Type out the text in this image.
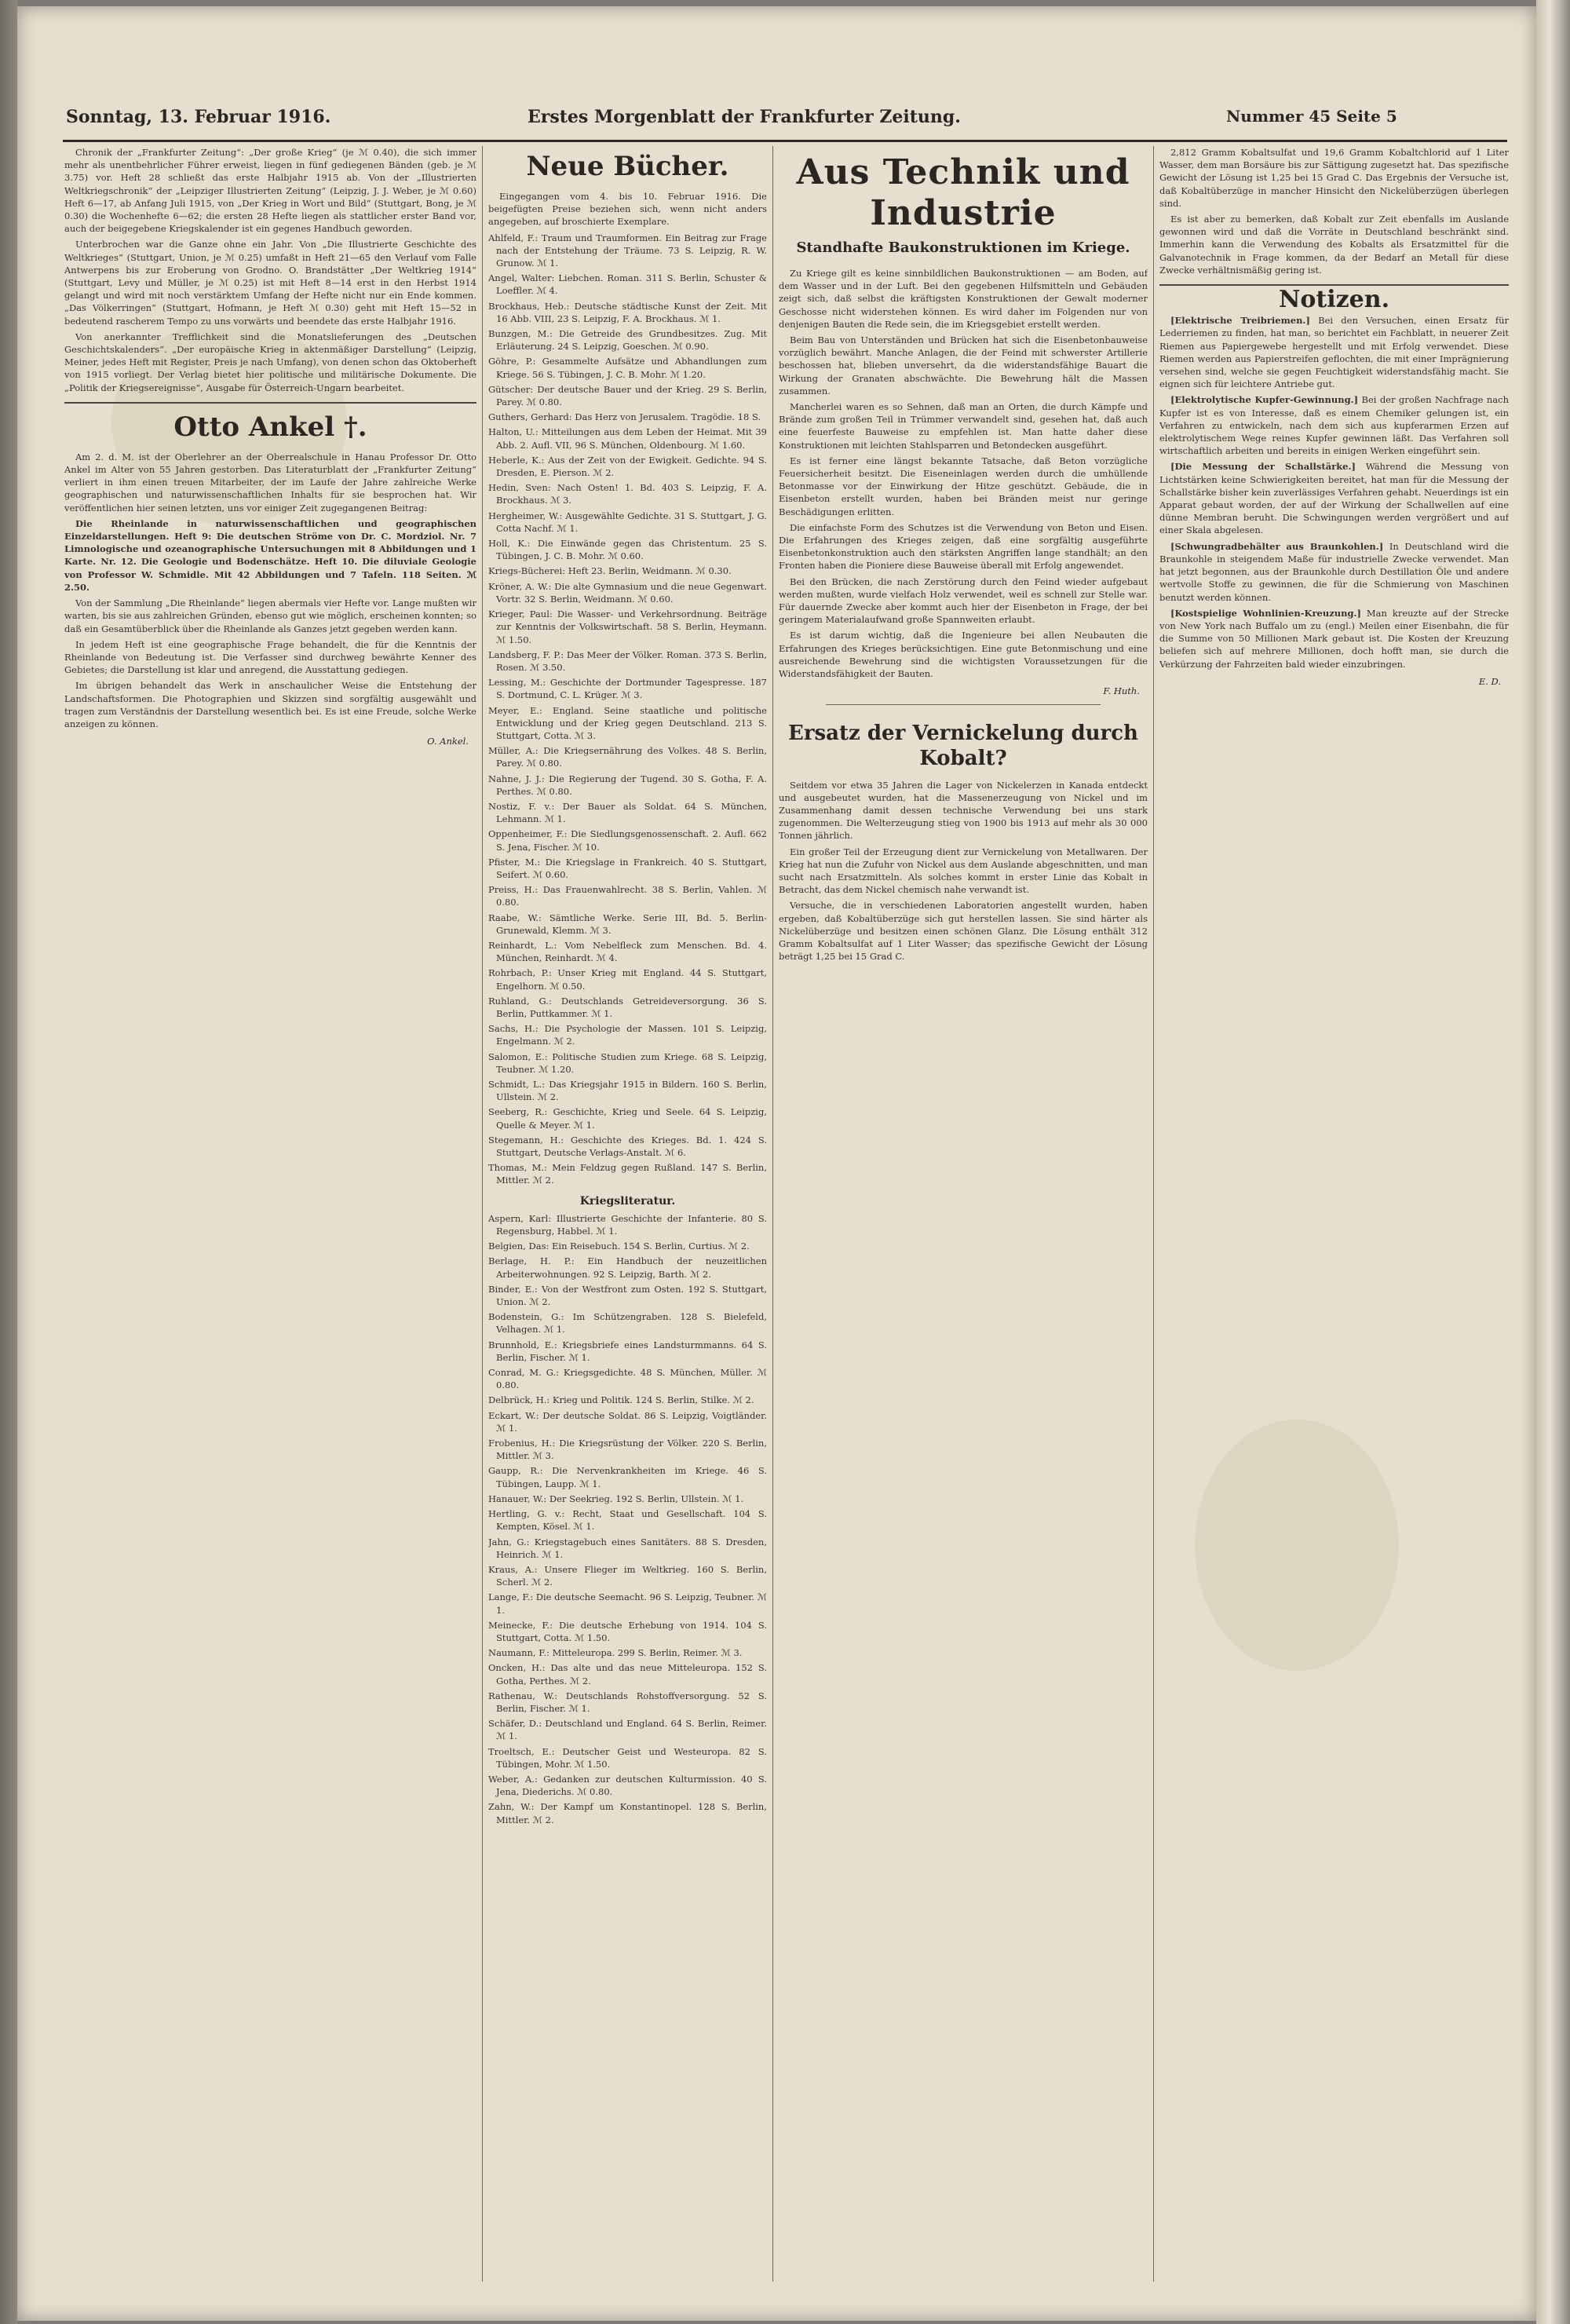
Sonntag, 13. Februar 1916.	Erstes Morgenblatt der Frankfurter Zeitung.	Nummer 45 Seite 5

Chronik der „Frankfurter Zeitung“: „Der große Krieg“ (je ℳ 0.40), die sich immer mehr als unentbehrlicher Führer erweist, liegen in fünf gediegenen Bänden (geb. je ℳ 3.75) vor. Heft 28 schließt das erste Halbjahr 1915 ab. Von der „Illustrierten Weltkriegschronik“ der „Leipziger Illustrierten Zeitung“ (Leipzig, J. J. Weber, je ℳ 0.60) Heft 6—17, ab Anfang Juli 1915, von „Der Krieg in Wort und Bild“ (Stuttgart, Bong, je ℳ 0.30) die Wochenhefte 6—62; die ersten 28 Hefte liegen als stattlicher erster Band vor, auch der beigegebene Kriegskalender ist ein gegenes Handbuch geworden.

Unterbrochen war die Ganze ohne ein Jahr. Von „Die Illustrierte Geschichte des Weltkrieges“ (Stuttgart, Union, je ℳ 0.25) umfaßt in Heft 21—65 den Verlauf vom Falle Antwerpens bis zur Eroberung von Grodno. O. Brandstätter „Der Weltkrieg 1914“ (Stuttgart, Levy und Müller, je ℳ 0.25) ist mit Heft 8—14 erst in den Herbst 1914 gelangt und wird mit noch verstärktem Umfang der Hefte nicht nur ein Ende kommen. „Das Völkerringen“ (Stuttgart, Hofmann, je Heft ℳ 0.30) geht mit Heft 15—52 in bedeutend rascherem Tempo zu uns vorwärts und beendete das erste Halbjahr 1916.

Von anerkannter Trefflichkeit sind die Monatslieferungen des „Deutschen Geschichtskalenders“. „Der europäische Krieg in aktenmäßiger Darstellung“ (Leipzig, Meiner, jedes Heft mit Register, Preis je nach Umfang), von denen schon das Oktoberheft von 1915 vorliegt. Der Verlag bietet hier politische und militärische Dokumente. Die „Politik der Kriegsereignisse“, Ausgabe für Österreich-Ungarn bearbeitet.

Otto Ankel †.

Am 2. d. M. ist der Oberlehrer an der Oberrealschule in Hanau Professor Dr. Otto Ankel im Alter von 55 Jahren gestorben. Das Literaturblatt der „Frankfurter Zeitung“ verliert in ihm einen treuen Mitarbeiter, der im Laufe der Jahre zahlreiche Werke geographischen und naturwissenschaftlichen Inhalts für sie besprochen hat. Wir veröffentlichen hier seinen letzten, uns vor einiger Zeit zugegangenen Beitrag:

Die Rheinlande in naturwissenschaftlichen und geographischen Einzeldarstellungen. Heft 9: Die deutschen Ströme von Dr. C. Mordziol. Nr. 7 Limnologische und ozeanographische Untersuchungen mit 8 Abbildungen und 1 Karte. Nr. 12. Die Geologie und Bodenschätze. Heft 10. Die diluviale Geologie von Professor W. Schmidle. Mit 42 Abbildungen und 7 Tafeln. 118 Seiten. ℳ 2.50.

Von der Sammlung „Die Rheinlande“ liegen abermals vier Hefte vor. Lange mußten wir warten, bis sie aus zahlreichen Gründen, ebenso gut wie möglich, erscheinen konnten; so daß ein Gesamtüberblick über die Rheinlande als Ganzes jetzt gegeben werden kann.

In jedem Heft ist eine geographische Frage behandelt, die für die Kenntnis der Rheinlande von Bedeutung ist. Die Verfasser sind durchweg bewährte Kenner des Gebietes; die Darstellung ist klar und anregend, die Ausstattung gediegen.

Im übrigen behandelt das Werk in anschaulicher Weise die Entstehung der Landschaftsformen. Die Photographien und Skizzen sind sorgfältig ausgewählt und tragen zum Verständnis der Darstellung wesentlich bei. Es ist eine Freude, solche Werke anzeigen zu können.

O. Ankel.
Neue Bücher.

Eingegangen vom 4. bis 10. Februar 1916. Die beigefügten Preise beziehen sich, wenn nicht anders angegeben, auf broschierte Exemplare.

Ahlfeld, F.: Traum und Traumformen. Ein Beitrag zur Frage nach der Entstehung der Träume. 73 S. Leipzig, R. W. Grunow. ℳ 1.

Angel, Walter: Liebchen. Roman. 311 S. Berlin, Schuster & Loeffler. ℳ 4.

Brockhaus, Heb.: Deutsche städtische Kunst der Zeit. Mit 16 Abb. VIII, 23 S. Leipzig, F. A. Brockhaus. ℳ 1.

Bunzgen, M.: Die Getreide des Grundbesitzes. Zug. Mit Erläuterung. 24 S. Leipzig, Goeschen. ℳ 0.90.

Göhre, P.: Gesammelte Aufsätze und Abhandlungen zum Kriege. 56 S. Tübingen, J. C. B. Mohr. ℳ 1.20.

Gütscher: Der deutsche Bauer und der Krieg. 29 S. Berlin, Parey. ℳ 0.80.

Guthers, Gerhard: Das Herz von Jerusalem. Tragödie. 18 S.

Halton, U.: Mitteilungen aus dem Leben der Heimat. Mit 39 Abb. 2. Aufl. VII, 96 S. München, Oldenbourg. ℳ 1.60.

Heberle, K.: Aus der Zeit von der Ewigkeit. Gedichte. 94 S. Dresden, E. Pierson. ℳ 2.

Hedin, Sven: Nach Osten! 1. Bd. 403 S. Leipzig, F. A. Brockhaus. ℳ 3.

Hergheimer, W.: Ausgewählte Gedichte. 31 S. Stuttgart, J. G. Cotta Nachf. ℳ 1.

Holl, K.: Die Einwände gegen das Christentum. 25 S. Tübingen, J. C. B. Mohr. ℳ 0.60.

Kriegs-Bücherei: Heft 23. Berlin, Weidmann. ℳ 0.30.

Kröner, A. W.: Die alte Gymnasium und die neue Gegenwart. Vortr. 32 S. Berlin, Weidmann. ℳ 0.60.

Krieger, Paul: Die Wasser- und Verkehrsordnung. Beiträge zur Kenntnis der Volkswirtschaft. 58 S. Berlin, Heymann. ℳ 1.50.

Landsberg, F. P.: Das Meer der Völker. Roman. 373 S. Berlin, Rosen. ℳ 3.50.

Lessing, M.: Geschichte der Dortmunder Tagespresse. 187 S. Dortmund, C. L. Krüger. ℳ 3.

Meyer, E.: England. Seine staatliche und politische Entwicklung und der Krieg gegen Deutschland. 213 S. Stuttgart, Cotta. ℳ 3.

Müller, A.: Die Kriegsernährung des Volkes. 48 S. Berlin, Parey. ℳ 0.80.

Nahne, J. J.: Die Regierung der Tugend. 30 S. Gotha, F. A. Perthes. ℳ 0.80.

Nostiz, F. v.: Der Bauer als Soldat. 64 S. München, Lehmann. ℳ 1.

Oppenheimer, F.: Die Siedlungsgenossenschaft. 2. Aufl. 662 S. Jena, Fischer. ℳ 10.

Pfister, M.: Die Kriegslage in Frankreich. 40 S. Stuttgart, Seifert. ℳ 0.60.

Preiss, H.: Das Frauenwahlrecht. 38 S. Berlin, Vahlen. ℳ 0.80.

Raabe, W.: Sämtliche Werke. Serie III, Bd. 5. Berlin-Grunewald, Klemm. ℳ 3.

Reinhardt, L.: Vom Nebelfleck zum Menschen. Bd. 4. München, Reinhardt. ℳ 4.

Rohrbach, P.: Unser Krieg mit England. 44 S. Stuttgart, Engelhorn. ℳ 0.50.

Ruhland, G.: Deutschlands Getreideversorgung. 36 S. Berlin, Puttkammer. ℳ 1.

Sachs, H.: Die Psychologie der Massen. 101 S. Leipzig, Engelmann. ℳ 2.

Salomon, E.: Politische Studien zum Kriege. 68 S. Leipzig, Teubner. ℳ 1.20.

Schmidt, L.: Das Kriegsjahr 1915 in Bildern. 160 S. Berlin, Ullstein. ℳ 2.

Seeberg, R.: Geschichte, Krieg und Seele. 64 S. Leipzig, Quelle & Meyer. ℳ 1.

Stegemann, H.: Geschichte des Krieges. Bd. 1. 424 S. Stuttgart, Deutsche Verlags-Anstalt. ℳ 6.

Thomas, M.: Mein Feldzug gegen Rußland. 147 S. Berlin, Mittler. ℳ 2.

Kriegsliteratur.

Aspern, Karl: Illustrierte Geschichte der Infanterie. 80 S. Regensburg, Habbel. ℳ 1.

Belgien, Das: Ein Reisebuch. 154 S. Berlin, Curtius. ℳ 2.

Berlage, H. P.: Ein Handbuch der neuzeitlichen Arbeiterwohnungen. 92 S. Leipzig, Barth. ℳ 2.

Binder, E.: Von der Westfront zum Osten. 192 S. Stuttgart, Union. ℳ 2.

Bodenstein, G.: Im Schützengraben. 128 S. Bielefeld, Velhagen. ℳ 1.

Brunnhold, E.: Kriegsbriefe eines Landsturmmanns. 64 S. Berlin, Fischer. ℳ 1.

Conrad, M. G.: Kriegsgedichte. 48 S. München, Müller. ℳ 0.80.

Delbrück, H.: Krieg und Politik. 124 S. Berlin, Stilke. ℳ 2.

Eckart, W.: Der deutsche Soldat. 86 S. Leipzig, Voigtländer. ℳ 1.

Frobenius, H.: Die Kriegsrüstung der Völker. 220 S. Berlin, Mittler. ℳ 3.

Gaupp, R.: Die Nervenkrankheiten im Kriege. 46 S. Tübingen, Laupp. ℳ 1.

Hanauer, W.: Der Seekrieg. 192 S. Berlin, Ullstein. ℳ 1.

Hertling, G. v.: Recht, Staat und Gesellschaft. 104 S. Kempten, Kösel. ℳ 1.

Jahn, G.: Kriegstagebuch eines Sanitäters. 88 S. Dresden, Heinrich. ℳ 1.

Kraus, A.: Unsere Flieger im Weltkrieg. 160 S. Berlin, Scherl. ℳ 2.

Lange, F.: Die deutsche Seemacht. 96 S. Leipzig, Teubner. ℳ 1.

Meinecke, F.: Die deutsche Erhebung von 1914. 104 S. Stuttgart, Cotta. ℳ 1.50.

Naumann, F.: Mitteleuropa. 299 S. Berlin, Reimer. ℳ 3.

Oncken, H.: Das alte und das neue Mitteleuropa. 152 S. Gotha, Perthes. ℳ 2.

Rathenau, W.: Deutschlands Rohstoffversorgung. 52 S. Berlin, Fischer. ℳ 1.

Schäfer, D.: Deutschland und England. 64 S. Berlin, Reimer. ℳ 1.

Troeltsch, E.: Deutscher Geist und Westeuropa. 82 S. Tübingen, Mohr. ℳ 1.50.

Weber, A.: Gedanken zur deutschen Kulturmission. 40 S. Jena, Diederichs. ℳ 0.80.

Zahn, W.: Der Kampf um Konstantinopel. 128 S. Berlin, Mittler. ℳ 2.

Aus Technik und Industrie
Standhafte Baukonstruktionen im Kriege.

Zu Kriege gilt es keine sinnbildlichen Baukonstruktionen — am Boden, auf dem Wasser und in der Luft. Bei den gegebenen Hilfsmitteln und Gebäuden zeigt sich, daß selbst die kräftigsten Konstruktionen der Gewalt moderner Geschosse nicht widerstehen können. Es wird daher im Folgenden nur von denjenigen Bauten die Rede sein, die im Kriegsgebiet erstellt werden.

Beim Bau von Unterständen und Brücken hat sich die Eisenbetonbauweise vorzüglich bewährt. Manche Anlagen, die der Feind mit schwerster Artillerie beschossen hat, blieben unversehrt, da die widerstandsfähige Bauart die Wirkung der Granaten abschwächte. Die Bewehrung hält die Massen zusammen.

Mancherlei waren es so Sehnen, daß man an Orten, die durch Kämpfe und Brände zum großen Teil in Trümmer verwandelt sind, gesehen hat, daß auch eine feuerfeste Bauweise zu empfehlen ist. Man hatte daher diese Konstruktionen mit leichten Stahlsparren und Betondecken ausgeführt.

Es ist ferner eine längst bekannte Tatsache, daß Beton vorzügliche Feuersicherheit besitzt. Die Eiseneinlagen werden durch die umhüllende Betonmasse vor der Einwirkung der Hitze geschützt. Gebäude, die in Eisenbeton erstellt wurden, haben bei Bränden meist nur geringe Beschädigungen erlitten.

Die einfachste Form des Schutzes ist die Verwendung von Beton und Eisen. Die Erfahrungen des Krieges zeigen, daß eine sorgfältig ausgeführte Eisenbetonkonstruktion auch den stärksten Angriffen lange standhält; an den Fronten haben die Pioniere diese Bauweise überall mit Erfolg angewendet.

Bei den Brücken, die nach Zerstörung durch den Feind wieder aufgebaut werden mußten, wurde vielfach Holz verwendet, weil es schnell zur Stelle war. Für dauernde Zwecke aber kommt auch hier der Eisenbeton in Frage, der bei geringem Materialaufwand große Spannweiten erlaubt.

Es ist darum wichtig, daß die Ingenieure bei allen Neubauten die Erfahrungen des Krieges berücksichtigen. Eine gute Betonmischung und eine ausreichende Bewehrung sind die wichtigsten Voraussetzungen für die Widerstandsfähigkeit der Bauten.

F. Huth.
Ersatz der Vernickelung durch Kobalt?

Seitdem vor etwa 35 Jahren die Lager von Nickelerzen in Kanada entdeckt und ausgebeutet wurden, hat die Massenerzeugung von Nickel und im Zusammenhang damit dessen technische Verwendung bei uns stark zugenommen. Die Welterzeugung stieg von 1900 bis 1913 auf mehr als 30 000 Tonnen jährlich.

Ein großer Teil der Erzeugung dient zur Vernickelung von Metallwaren. Der Krieg hat nun die Zufuhr von Nickel aus dem Auslande abgeschnitten, und man sucht nach Ersatzmitteln. Als solches kommt in erster Linie das Kobalt in Betracht, das dem Nickel chemisch nahe verwandt ist.

Versuche, die in verschiedenen Laboratorien angestellt wurden, haben ergeben, daß Kobaltüberzüge sich gut herstellen lassen. Sie sind härter als Nickelüberzüge und besitzen einen schönen Glanz. Die Lösung enthält 312 Gramm Kobaltsulfat auf 1 Liter Wasser; das spezifische Gewicht der Lösung beträgt 1,25 bei 15 Grad C.

2,812 Gramm Kobaltsulfat und 19,6 Gramm Kobaltchlorid auf 1 Liter Wasser, dem man Borsäure bis zur Sättigung zugesetzt hat. Das spezifische Gewicht der Lösung ist 1,25 bei 15 Grad C. Das Ergebnis der Versuche ist, daß Kobaltüberzüge in mancher Hinsicht den Nickelüberzügen überlegen sind.

Es ist aber zu bemerken, daß Kobalt zur Zeit ebenfalls im Auslande gewonnen wird und daß die Vorräte in Deutschland beschränkt sind. Immerhin kann die Verwendung des Kobalts als Ersatzmittel für die Galvanotechnik in Frage kommen, da der Bedarf an Metall für diese Zwecke verhältnismäßig gering ist.

Notizen.

[Elektrische Treibriemen.] Bei den Versuchen, einen Ersatz für Lederriemen zu finden, hat man, so berichtet ein Fachblatt, in neuerer Zeit Riemen aus Papiergewebe hergestellt und mit Erfolg verwendet. Diese Riemen werden aus Papierstreifen geflochten, die mit einer Imprägnierung versehen sind, welche sie gegen Feuchtigkeit widerstandsfähig macht. Sie eignen sich für leichtere Antriebe gut.

[Elektrolytische Kupfer-Gewinnung.] Bei der großen Nachfrage nach Kupfer ist es von Interesse, daß es einem Chemiker gelungen ist, ein Verfahren zu entwickeln, nach dem sich aus kupferarmen Erzen auf elektrolytischem Wege reines Kupfer gewinnen läßt. Das Verfahren soll wirtschaftlich arbeiten und bereits in einigen Werken eingeführt sein.

[Die Messung der Schallstärke.] Während die Messung von Lichtstärken keine Schwierigkeiten bereitet, hat man für die Messung der Schallstärke bisher kein zuverlässiges Verfahren gehabt. Neuerdings ist ein Apparat gebaut worden, der auf der Wirkung der Schallwellen auf eine dünne Membran beruht. Die Schwingungen werden vergrößert und auf einer Skala abgelesen.

[Schwungradbehälter aus Braunkohlen.] In Deutschland wird die Braunkohle in steigendem Maße für industrielle Zwecke verwendet. Man hat jetzt begonnen, aus der Braunkohle durch Destillation Öle und andere wertvolle Stoffe zu gewinnen, die für die Schmierung von Maschinen benutzt werden können.

[Kostspielige Wohnlinien-Kreuzung.] Man kreuzte auf der Strecke von New York nach Buffalo um zu (engl.) Meilen einer Eisenbahn, die für die Summe von 50 Millionen Mark gebaut ist. Die Kosten der Kreuzung beliefen sich auf mehrere Millionen, doch hofft man, sie durch die Verkürzung der Fahrzeiten bald wieder einzubringen.

E. D.
